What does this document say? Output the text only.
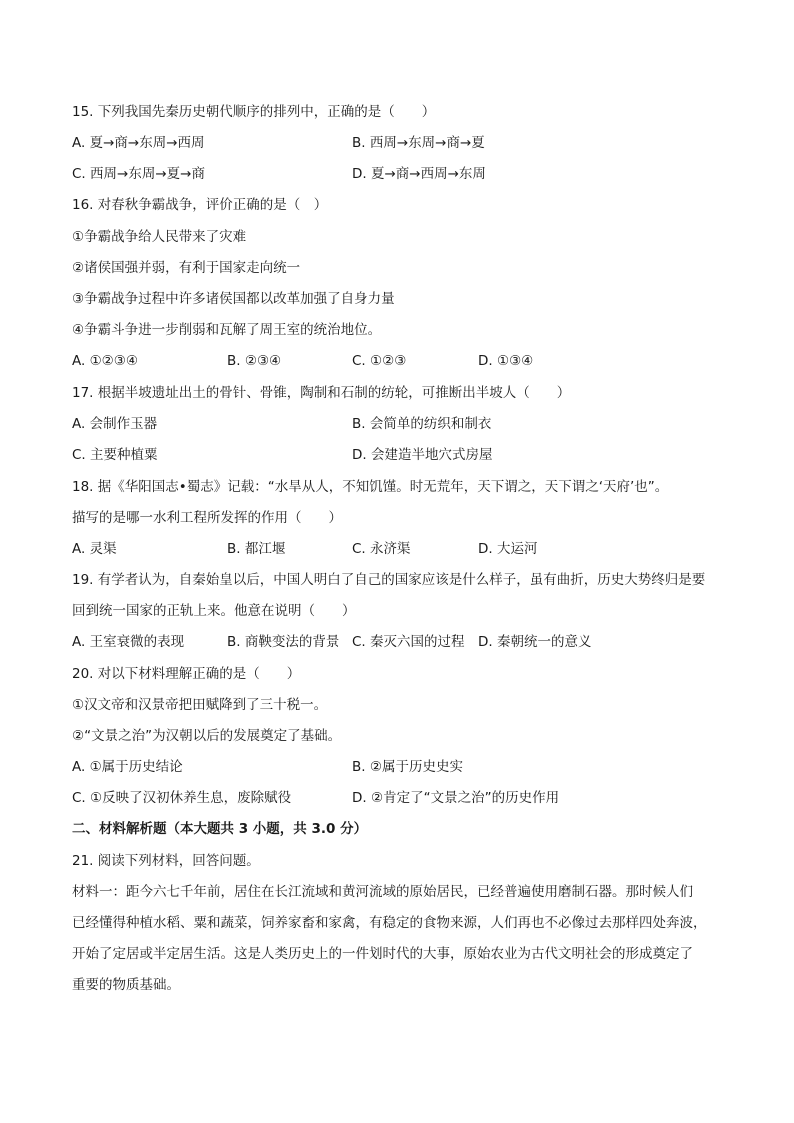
15. 下列我国先秦历史朝代顺序的排列中，正确的是（　　）
A. 夏→商→东周→西周	B. 西周→东周→商→夏
C. 西周→东周→夏→商	D. 夏→商→西周→东周
16. 对春秋争霸战争，评价正确的是（　）
①争霸战争给人民带来了灾难
②诸侯国强并弱，有利于国家走向统一
③争霸战争过程中许多诸侯国都以改革加强了自身力量
④争霸斗争进一步削弱和瓦解了周王室的统治地位。
A. ①②③④	B. ②③④	C. ①②③	D. ①③④
17. 根据半坡遗址出土的骨针、骨锥，陶制和石制的纺轮，可推断出半坡人（　　）
A. 会制作玉器	B. 会简单的纺织和制衣
C. 主要种植粟	D. 会建造半地穴式房屋
18. 据《华阳国志•蜀志》记载：“水旱从人，不知饥馑。时无荒年，天下谓之，天下谓之‘天府’也”。
描写的是哪一水利工程所发挥的作用（　　）
A. 灵渠	B. 都江堰	C. 永济渠	D. 大运河
19. 有学者认为，自秦始皇以后，中国人明白了自己的国家应该是什么样子，虽有曲折，历史大势终归是要
回到统一国家的正轨上来。他意在说明（　　）
A. 王室衰微的表现	B. 商鞅变法的背景 C. 秦灭六国的过程 D. 秦朝统一的意义
20. 对以下材料理解正确的是（　　）
①汉文帝和汉景帝把田赋降到了三十税一。
②“文景之治”为汉朝以后的发展奠定了基础。
A. ①属于历史结论	B. ②属于历史史实
C. ①反映了汉初休养生息，废除赋役	D. ②肯定了“文景之治”的历史作用
二、材料解析题（本大题共 3 小题，共 3.0 分）
21. 阅读下列材料，回答问题。
材料一：距今六七千年前，居住在长江流域和黄河流域的原始居民，已经普遍使用磨制石器。那时候人们
已经懂得种植水稻、粟和蔬菜，饲养家畜和家禽，有稳定的食物来源，人们再也不必像过去那样四处奔波，
开始了定居或半定居生活。这是人类历史上的一件划时代的大事，原始农业为古代文明社会的形成奠定了
重要的物质基础。
